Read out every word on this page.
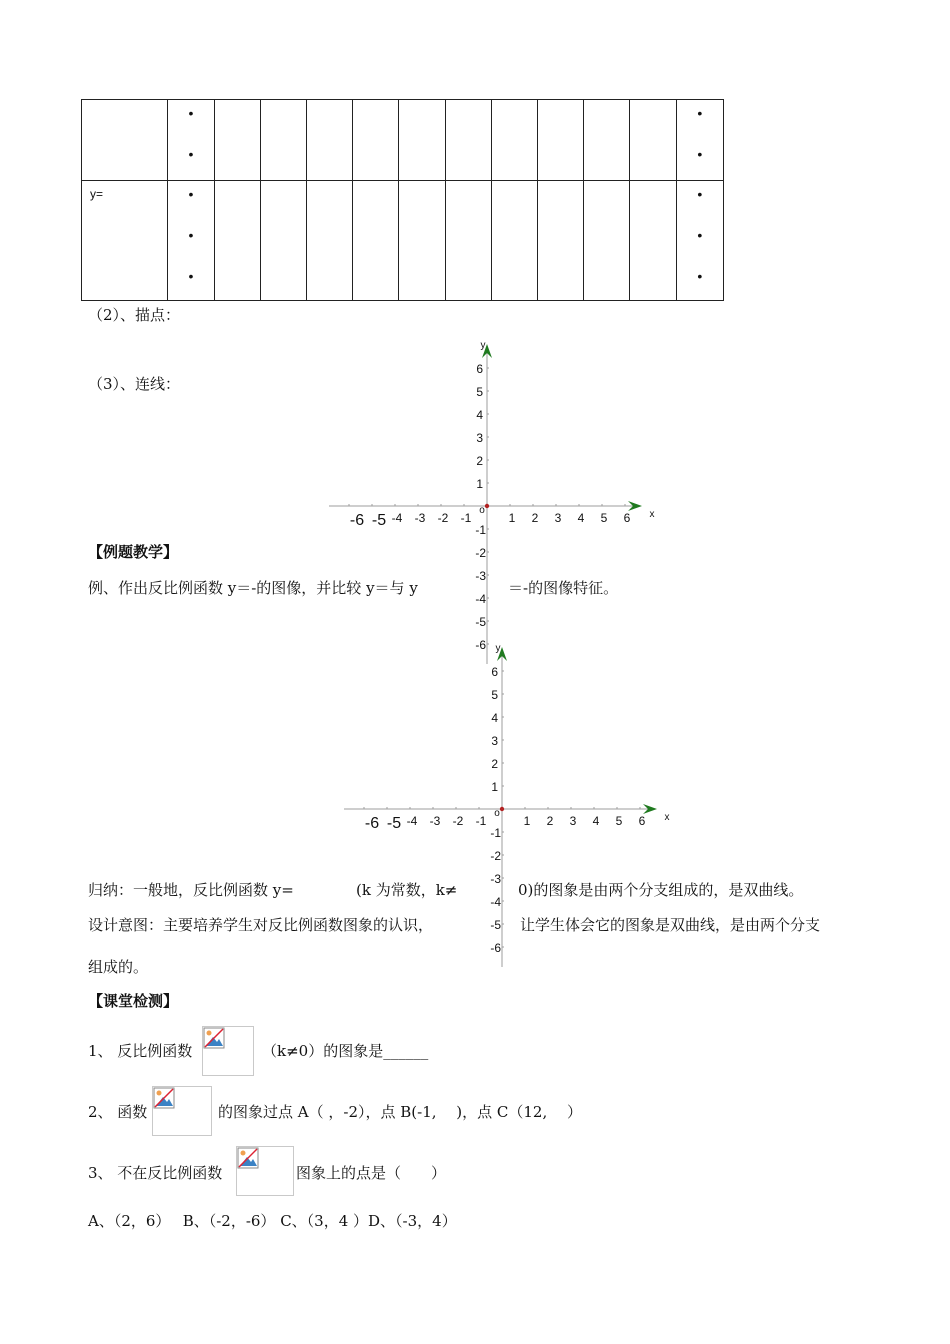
	•
•											•
•

y=	•
•
•											•
•
•
（2）、描点：
（3）、连线：
x
y
o
1 2 3 4 5 6
-6 -5 -4 -3 -2 -1
1
2
3
4
5
6
-1
-2
-3
-4
-5
-6
x
y
o
1 2 3 4 5 6
-6 -5 -4 -3 -2 -1
1
2
3
4
5
6
-1
-2
-3
-4
-5
-6
【例题教学】
例、作出反比例函数 y＝-的图像，并比较 y＝与 y	＝-的图像特征。
归纳：一般地，反比例函数 y=	(k 为常数，k≠	0)的图象是由两个分支组成的，是双曲线。
设计意图：主要培养学生对反比例函数图象的认识，	让学生体会它的图象是双曲线，是由两个分支
组成的。
【课堂检测】
1、 反比例函数	（k≠0）的图象是______
2、 函数	的图象过点 A（ ，-2），点 B(-1,　 )，点 C（12,　 ）
3、 不在反比例函数	图象上的点是（　　）
A、（2，6）　 B、（-2，-6） C、（3，4 ）D、（-3，4）
